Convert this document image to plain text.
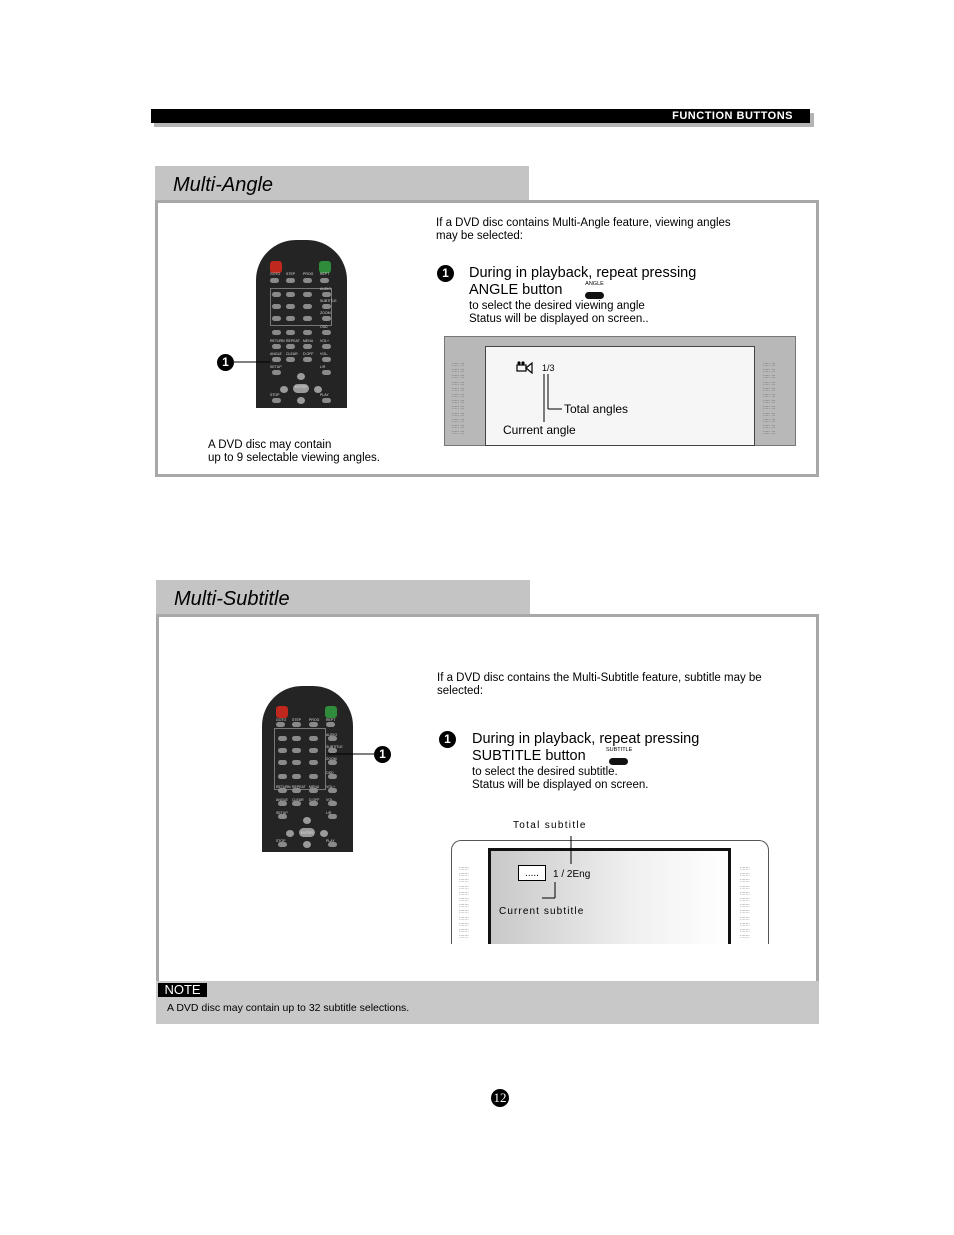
FUNCTION BUTTONS
Multi-Angle
GOTO STEP PROG REPT
AUDIO
SUBTITLE
ZOOM
OSD
RETURN REPEAT MENU VOL+
ANGLE CLEAR D.OFF VOL-
SETUP	L/R
ENTER
STOP	PLAY
1
A DVD disc may contain
up to 9 selectable viewing angles.
If a DVD disc contains Multi-Angle feature, viewing angles
may be selected:
1	During in playback, repeat pressing
ANGLE button	ANGLE
to select the desired viewing angle
Status will be displayed on screen..
::::: :::
::::: :::
::::: :::
::::: :::
::::: :::
::::: :::
::::: :::
::::: :::
::::: :::
::::: :::
::::: :::
::::: :::
::::: :::
::::: :::
::::: :::
::::: :::
::::: :::
::::: :::
::::: :::
::::: :::
::::: :::
::::: :::
::::: :::
::::: :::
1/3
Total angles
Current angle
Multi-Subtitle
GOTO STEP PROG REPT
AUDIO
SUBTITLE
ZOOM
OSD
RETURN REPEAT MENU VOL+
ANGLE CLEAR D.OFF VOL-
SETUP	L/R
ENTER
STOP	PLAY
1
If a DVD disc contains the Multi-Subtitle feature, subtitle may be
selected:
1	During in playback, repeat pressing
SUBTITLE button	SUBTITLE
to select the desired subtitle.
Status will be displayed on screen.
Total subtitle
:::::::
:::::::
:::::::
:::::::
:::::::
:::::::
:::::::
:::::::
:::::::
:::::::
:::::::
:::::::
:::::::
:::::::
:::::::
:::::::
:::::::
:::::::
:::::::
:::::::
:::::::
:::::::
:::::::
:::::::
.....	1 / 2Eng
Current subtitle
NOTE
A DVD disc may contain up to 32 subtitle selections.
12
